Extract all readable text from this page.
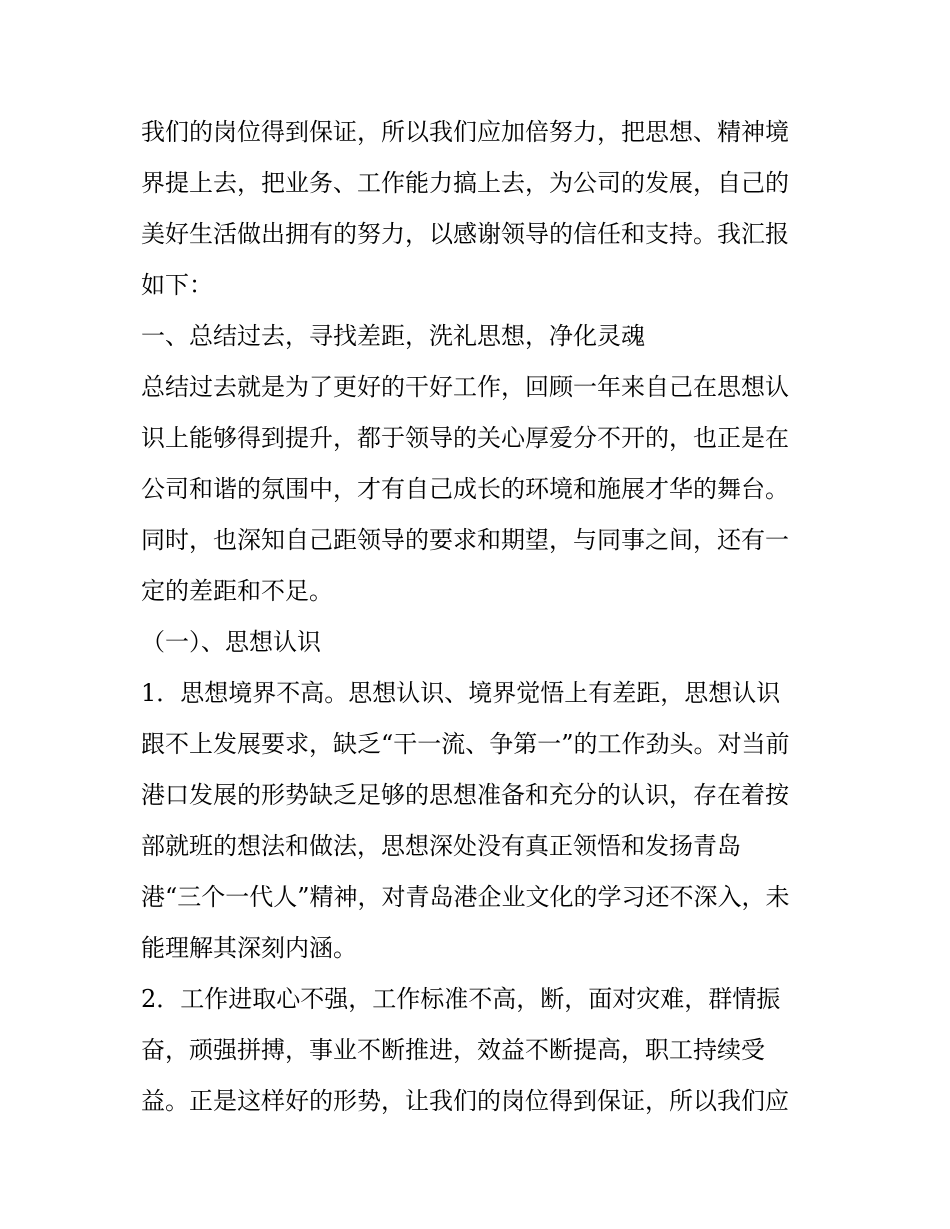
我们的岗位得到保证，所以我们应加倍努力，把思想、精神境

界提上去，把业务、工作能力搞上去，为公司的发展，自己的

美好生活做出拥有的努力，以感谢领导的信任和支持。我汇报

如下：

一、总结过去，寻找差距，洗礼思想，净化灵魂

总结过去就是为了更好的干好工作，回顾一年来自己在思想认

识上能够得到提升，都于领导的关心厚爱分不开的，也正是在

公司和谐的氛围中，才有自己成长的环境和施展才华的舞台。

同时，也深知自己距领导的要求和期望，与同事之间，还有一

定的差距和不足。

（一）、思想认识

1．思想境界不高。思想认识、境界觉悟上有差距，思想认识

跟不上发展要求，缺乏“干一流、争第一”的工作劲头。对当前

港口发展的形势缺乏足够的思想准备和充分的认识，存在着按

部就班的想法和做法，思想深处没有真正领悟和发扬青岛

港“三个一代人”精神，对青岛港企业文化的学习还不深入，未

能理解其深刻内涵。

2．工作进取心不强，工作标准不高，断，面对灾难，群情振

奋，顽强拼搏，事业不断推进，效益不断提高，职工持续受

益。正是这样好的形势，让我们的岗位得到保证，所以我们应
